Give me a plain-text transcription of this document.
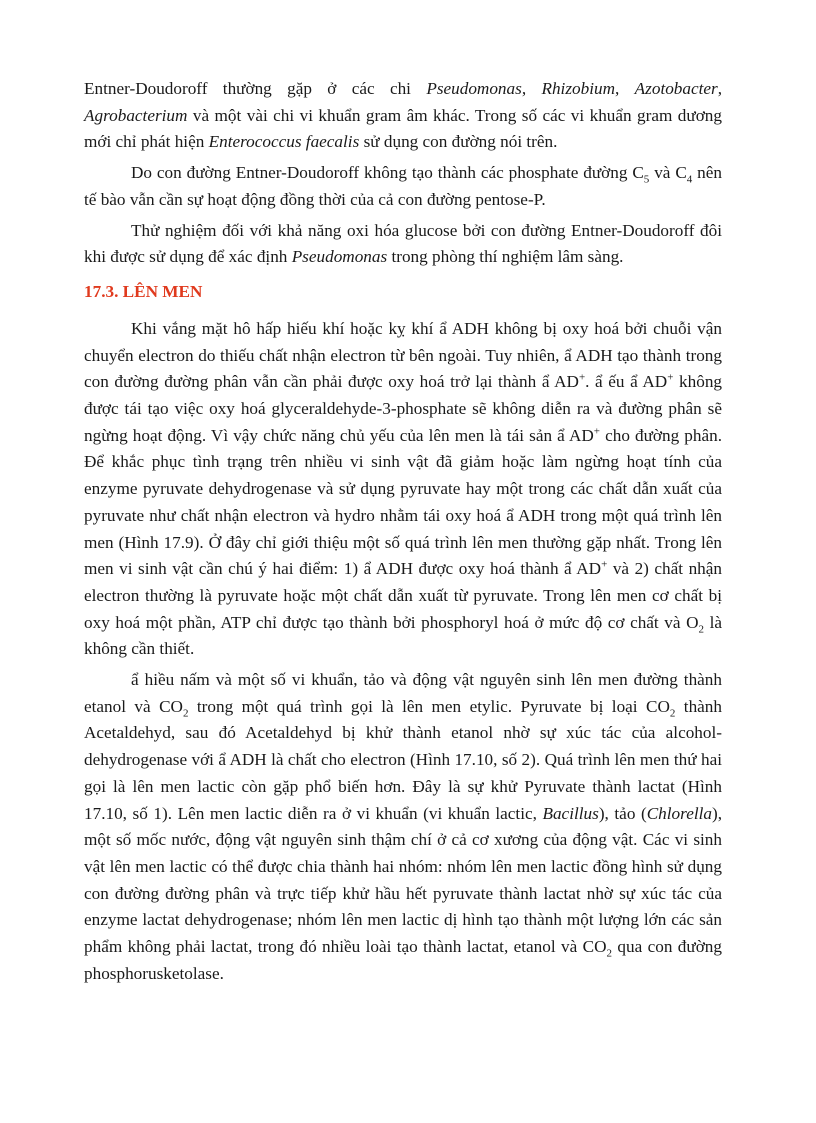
Entner-Doudoroff thường gặp ở các chi Pseudomonas, Rhizobium, Azotobacter, Agrobacterium và một vài chi vi khuẩn gram âm khác. Trong số các vi khuẩn gram dương mới chỉ phát hiện Enterococcus faecalis sử dụng con đường nói trên.

Do con đường Entner-Doudoroff không tạo thành các phosphate đường $C_5$ và $C_4$ nên tế bào vẫn cần sự hoạt động đồng thời của cả con đường pentose-P.

Thử nghiệm đối với khả năng oxi hóa glucose bởi con đường Entner-Doudoroff đôi khi được sử dụng để xác định Pseudomonas trong phòng thí nghiệm lâm sàng.

17.3. LÊN MEN

Khi vắng mặt hô hấp hiếu khí hoặc kỵ khí ẩ ADH không bị oxy hoá bởi chuỗi vận chuyển electron do thiếu chất nhận electron từ bên ngoài. Tuy nhiên, ẩ ADH tạo thành trong con đường đường phân vẫn cần phải được oxy hoá trở lại thành ẩ AD+. ẩ ếu ẩ AD+ không được tái tạo việc oxy hoá glyceraldehyde-3-phosphate sẽ không diễn ra và đường phân sẽ ngừng hoạt động. Vì vậy chức năng chủ yếu của lên men là tái sản ẩ AD+ cho đường phân. Để khắc phục tình trạng trên nhiều vi sinh vật đã giảm hoặc làm ngừng hoạt tính của enzyme pyruvate dehydrogenase và sử dụng pyruvate hay một trong các chất dẫn xuất của pyruvate như chất nhận electron và hydro nhằm tái oxy hoá ẩ ADH trong một quá trình lên men (Hình 17.9). Ở đây chỉ giới thiệu một số quá trình lên men thường gặp nhất. Trong lên men vi sinh vật cần chú ý hai điểm: 1) ẩ ADH được oxy hoá thành ẩ AD+ và 2) chất nhận electron thường là pyruvate hoặc một chất dẫn xuất từ pyruvate. Trong lên men cơ chất bị oxy hoá một phần, ATP chỉ được tạo thành bởi phosphoryl hoá ở mức độ cơ chất và $O_2$ là không cần thiết.

ẩ hiều nấm và một số vi khuẩn, tảo và động vật nguyên sinh lên men đường thành etanol và $CO_2$ trong một quá trình gọi là lên men etylic. Pyruvate bị loại $CO_2$ thành Acetaldehyd, sau đó Acetaldehyd bị khử thành etanol nhờ sự xúc tác của alcohol-dehydrogenase với ẩ ADH là chất cho electron (Hình 17.10, số 2). Quá trình lên men thứ hai gọi là lên men lactic còn gặp phổ biến hơn. Đây là sự khử Pyruvate thành lactat (Hình 17.10, số 1). Lên men lactic diễn ra ở vi khuẩn (vi khuẩn lactic, Bacillus), tảo (Chlorella), một số mốc nước, động vật nguyên sinh thậm chí ở cả cơ xương của động vật. Các vi sinh vật lên men lactic có thể được chia thành hai nhóm: nhóm lên men lactic đồng hình sử dụng con đường đường phân và trực tiếp khử hầu hết pyruvate thành lactat nhờ sự xúc tác của enzyme lactat dehydrogenase; nhóm lên men lactic dị hình tạo thành một lượng lớn các sản phẩm không phải lactat, trong đó nhiều loài tạo thành lactat, etanol và $CO_2$ qua con đường phosphorusketolase.
